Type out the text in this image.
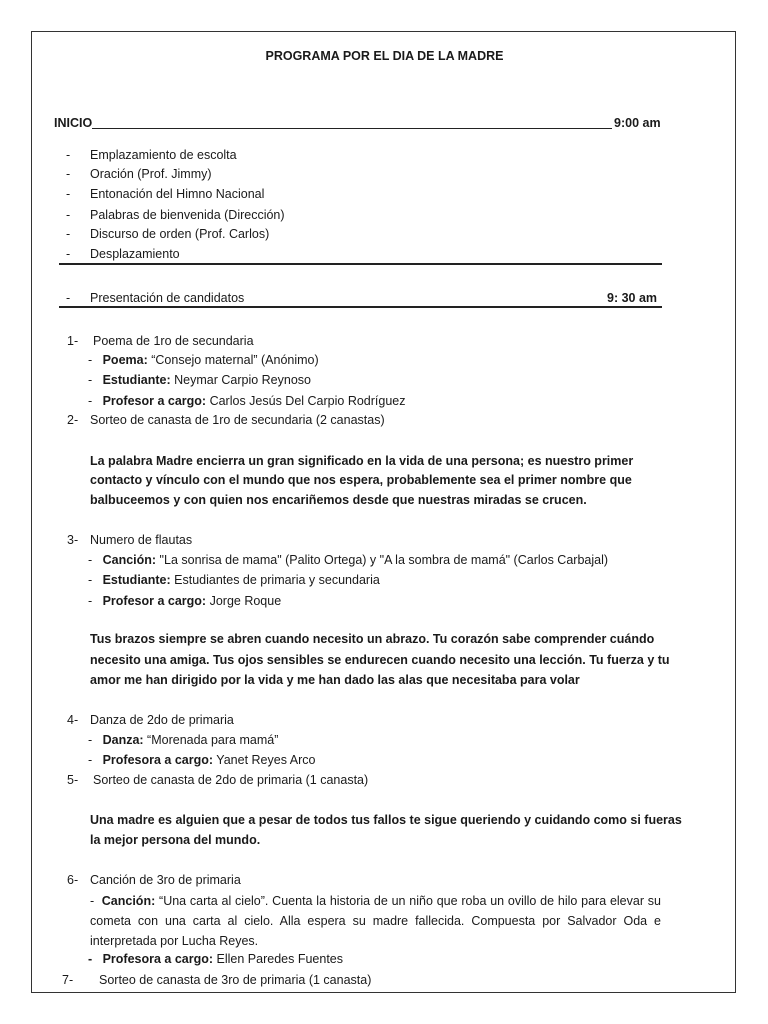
PROGRAMA POR EL DIA DE LA MADRE
INICIO	9:00 am
-	Emplazamiento de escolta
-	Oración (Prof. Jimmy)
-	Entonación del Himno Nacional
-	Palabras de bienvenida (Dirección)
-	Discurso de orden (Prof. Carlos)
-	Desplazamiento
-	Presentación de candidatos	9: 30 am
1- Poema de 1ro de secundaria
- Poema: “Consejo maternal” (Anónimo)
- Estudiante: Neymar Carpio Reynoso
- Profesor a cargo: Carlos Jesús Del Carpio Rodríguez
2- Sorteo de canasta de 1ro de secundaria (2 canastas)
La palabra Madre encierra un gran significado en la vida de una persona; es nuestro primer
contacto y vínculo con el mundo que nos espera, probablemente sea el primer nombre que
balbuceemos y con quien nos encariñemos desde que nuestras miradas se crucen.
3- Numero de flautas
- Canción: "La sonrisa de mama" (Palito Ortega) y "A la sombra de mamá" (Carlos Carbajal)
- Estudiante: Estudiantes de primaria y secundaria
- Profesor a cargo: Jorge Roque
Tus brazos siempre se abren cuando necesito un abrazo. Tu corazón sabe comprender cuándo
necesito una amiga. Tus ojos sensibles se endurecen cuando necesito una lección. Tu fuerza y tu
amor me han dirigido por la vida y me han dado las alas que necesitaba para volar
4- Danza de 2do de primaria
- Danza: “Morenada para mamá”
- Profesora a cargo: Yanet Reyes Arco
5- Sorteo de canasta de 2do de primaria (1 canasta)
Una madre es alguien que a pesar de todos tus fallos te sigue queriendo y cuidando como si fueras
la mejor persona del mundo.
6- Canción de 3ro de primaria
- Canción: “Una carta al cielo”. Cuenta la historia de un niño que roba un ovillo de hilo para elevar su cometa con una carta al cielo. Alla espera su madre fallecida. Compuesta por Salvador Oda e interpretada por Lucha Reyes.
- Profesora a cargo: Ellen Paredes Fuentes
7- Sorteo de canasta de 3ro de primaria (1 canasta)
